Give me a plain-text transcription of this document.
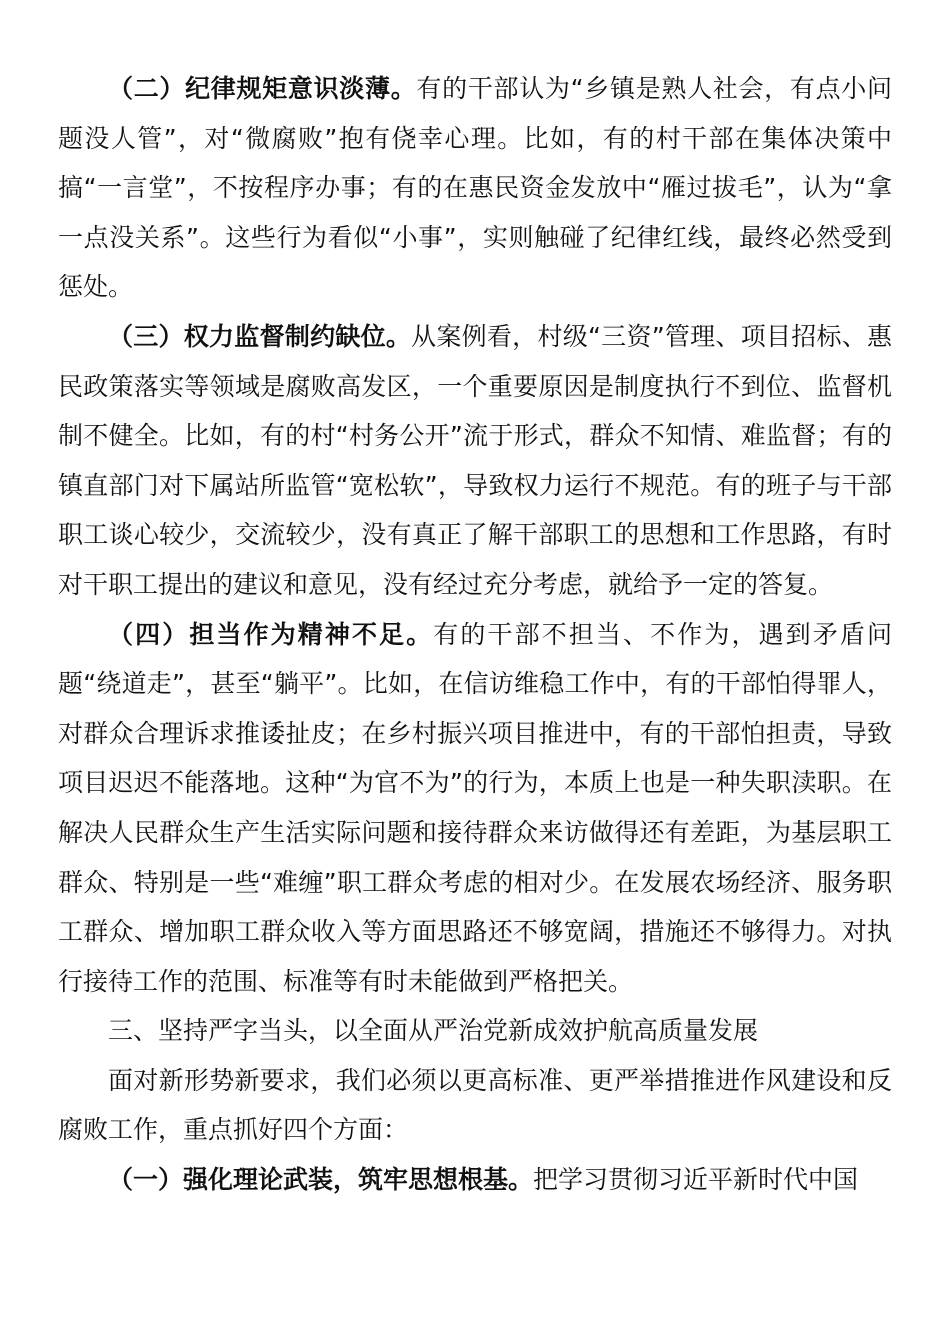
（二）纪律规矩意识淡薄。有的干部认为“乡镇是熟人社会，有点小问题没人管”，对“微腐败”抱有侥幸心理。比如，有的村干部在集体决策中搞“一言堂”，不按程序办事；有的在惠民资金发放中“雁过拔毛”，认为“拿一点没关系”。这些行为看似“小事”，实则触碰了纪律红线，最终必然受到惩处。

（三）权力监督制约缺位。从案例看，村级“三资”管理、项目招标、惠民政策落实等领域是腐败高发区，一个重要原因是制度执行不到位、监督机制不健全。比如，有的村“村务公开”流于形式，群众不知情、难监督；有的镇直部门对下属站所监管“宽松软”，导致权力运行不规范。有的班子与干部职工谈心较少，交流较少，没有真正了解干部职工的思想和工作思路，有时对干职工提出的建议和意见，没有经过充分考虑，就给予一定的答复。

（四）担当作为精神不足。有的干部不担当、不作为，遇到矛盾问题“绕道走”，甚至“躺平”。比如，在信访维稳工作中，有的干部怕得罪人，对群众合理诉求推诿扯皮；在乡村振兴项目推进中，有的干部怕担责，导致项目迟迟不能落地。这种“为官不为”的行为，本质上也是一种失职渎职。在解决人民群众生产生活实际问题和接待群众来访做得还有差距，为基层职工群众、特别是一些“难缠”职工群众考虑的相对少。在发展农场经济、服务职工群众、增加职工群众收入等方面思路还不够宽阔，措施还不够得力。对执行接待工作的范围、标准等有时未能做到严格把关。

三、坚持严字当头，以全面从严治党新成效护航高质量发展

面对新形势新要求，我们必须以更高标准、更严举措推进作风建设和反腐败工作，重点抓好四个方面：

（一）强化理论武装，筑牢思想根基。把学习贯彻习近平新时代中国
